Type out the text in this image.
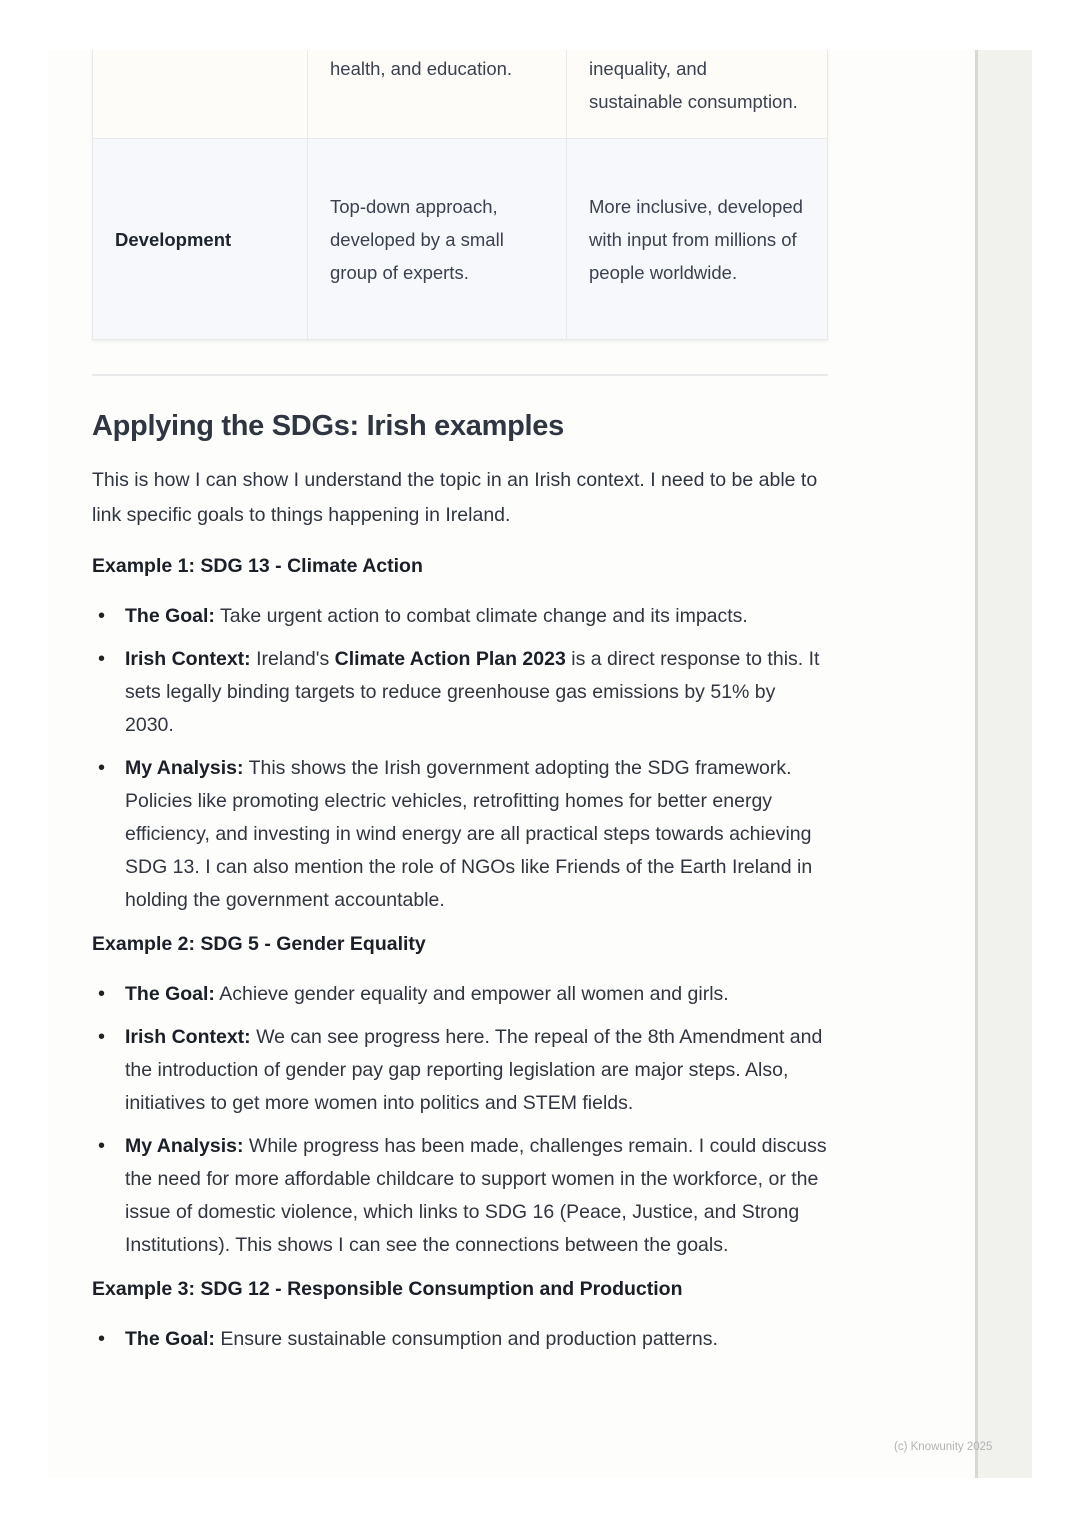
	health, and education.	inequality, and sustainable consumption.
Development	Top-down approach, developed by a small group of experts.	More inclusive, developed with input from millions of people worldwide.
Applying the SDGs: Irish examples

This is how I can show I understand the topic in an Irish context. I need to be able to link specific goals to things happening in Ireland.

Example 1: SDG 13 - Climate Action
• The Goal: Take urgent action to combat climate change and its impacts.
• Irish Context: Ireland's Climate Action Plan 2023 is a direct response to this. It sets legally binding targets to reduce greenhouse gas emissions by 51% by 2030.
• My Analysis: This shows the Irish government adopting the SDG framework. Policies like promoting electric vehicles, retrofitting homes for better energy efficiency, and investing in wind energy are all practical steps towards achieving SDG 13. I can also mention the role of NGOs like Friends of the Earth Ireland in holding the government accountable.
Example 2: SDG 5 - Gender Equality
• The Goal: Achieve gender equality and empower all women and girls.
• Irish Context: We can see progress here. The repeal of the 8th Amendment and the introduction of gender pay gap reporting legislation are major steps. Also, initiatives to get more women into politics and STEM fields.
• My Analysis: While progress has been made, challenges remain. I could discuss the need for more affordable childcare to support women in the workforce, or the issue of domestic violence, which links to SDG 16 (Peace, Justice, and Strong Institutions). This shows I can see the connections between the goals.
Example 3: SDG 12 - Responsible Consumption and Production
• The Goal: Ensure sustainable consumption and production patterns.
(c) Knowunity 2025
